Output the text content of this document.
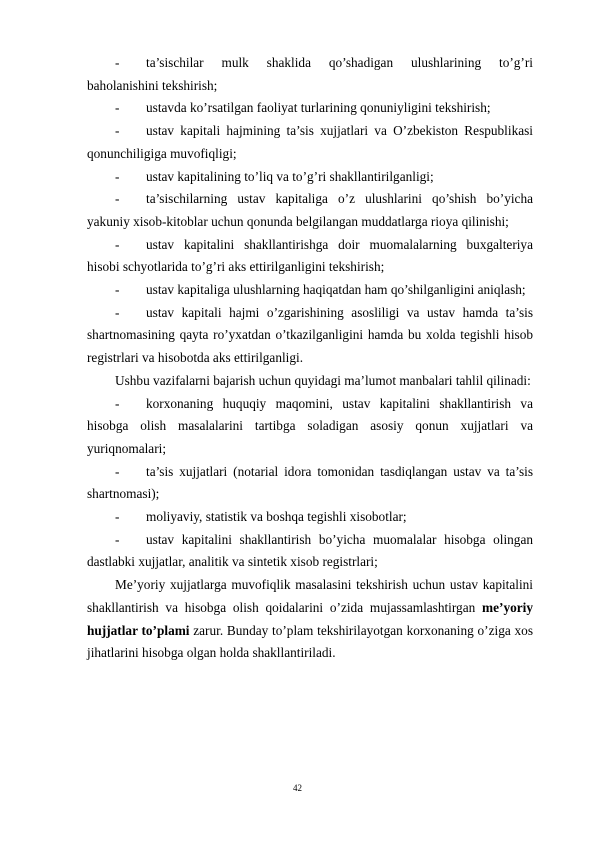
- ta’sischilar mulk shaklida qo’shadigan ulushlarining to’g’ri baholanishini tekshirish;

- ustavda ko’rsatilgan faoliyat turlarining qonuniyligini tekshirish;

- ustav kapitali hajmining ta’sis xujjatlari va O’zbekiston Respublikasi qonunchiligiga muvofiqligi;

- ustav kapitalining to’liq va to’g’ri shakllantirilganligi;

- ta’sischilarning ustav kapitaliga o’z ulushlarini qo’shish bo’yicha yakuniy xisob-kitoblar uchun qonunda belgilangan muddatlarga rioya qilinishi;

- ustav kapitalini shakllantirishga doir muomalalarning buxgalteriya hisobi schyotlarida to’g’ri aks ettirilganligini tekshirish;

- ustav kapitaliga ulushlarning haqiqatdan ham qo’shilganligini aniqlash;

- ustav kapitali hajmi o’zgarishining asosliligi va ustav hamda ta’sis shartnomasining qayta ro’yxatdan o’tkazilganligini hamda bu xolda tegishli hisob registrlari va hisobotda aks ettirilganligi.

Ushbu vazifalarni bajarish uchun quyidagi ma’lumot manbalari tahlil qilinadi:

- korxonaning huquqiy maqomini, ustav kapitalini shakllantirish va hisobga olish masalalarini tartibga soladigan asosiy qonun xujjatlari va yuriqnomalari;

- ta’sis xujjatlari (notarial idora tomonidan tasdiqlangan ustav va ta’sis shartnomasi);

- moliyaviy, statistik va boshqa tegishli xisobotlar;

- ustav kapitalini shakllantirish bo’yicha muomalalar hisobga olingan dastlabki xujjatlar, analitik va sintetik xisob registrlari;

Me’yoriy xujjatlarga muvofiqlik masalasini tekshirish uchun ustav kapitalini shakllantirish va hisobga olish qoidalarini o’zida mujassamlashtirgan me’yoriy hujjatlar to’plami zarur. Bunday to’plam tekshirilayotgan korxonaning o’ziga xos jihatlarini hisobga olgan holda shakllantiriladi.

42
